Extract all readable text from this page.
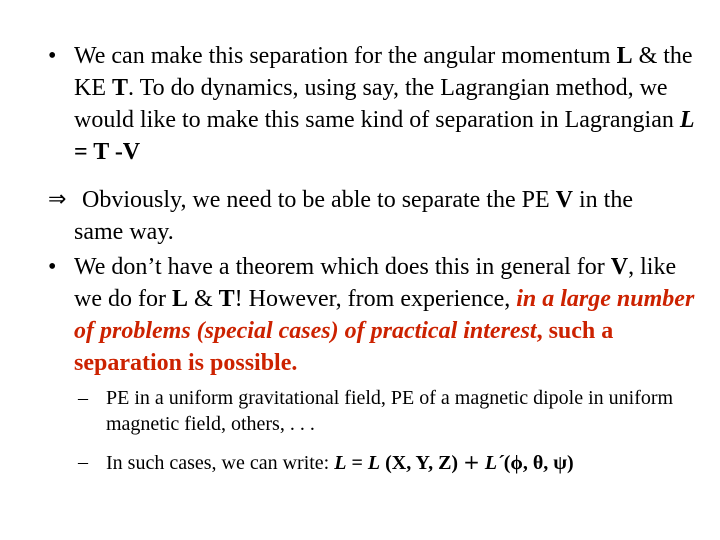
• We can make this separation for the angular momentum L & the KE T. To do dynamics, using say, the Lagrangian method, we would like to make this same kind of separation in Lagrangian L = T -V
⇒ Obviously, we need to be able to separate the PE V in the
same way.
• We don’t have a theorem which does this in general for V, like we do for L & T! However, from experience, in a large number of problems (special cases) of practical interest, such a separation is possible.
– PE in a uniform gravitational field, PE of a magnetic dipole in uniform magnetic field, others, . . .
– In such cases, we can write: L = L (X, Y, Z) + L´(ϕ, θ, ψ)
